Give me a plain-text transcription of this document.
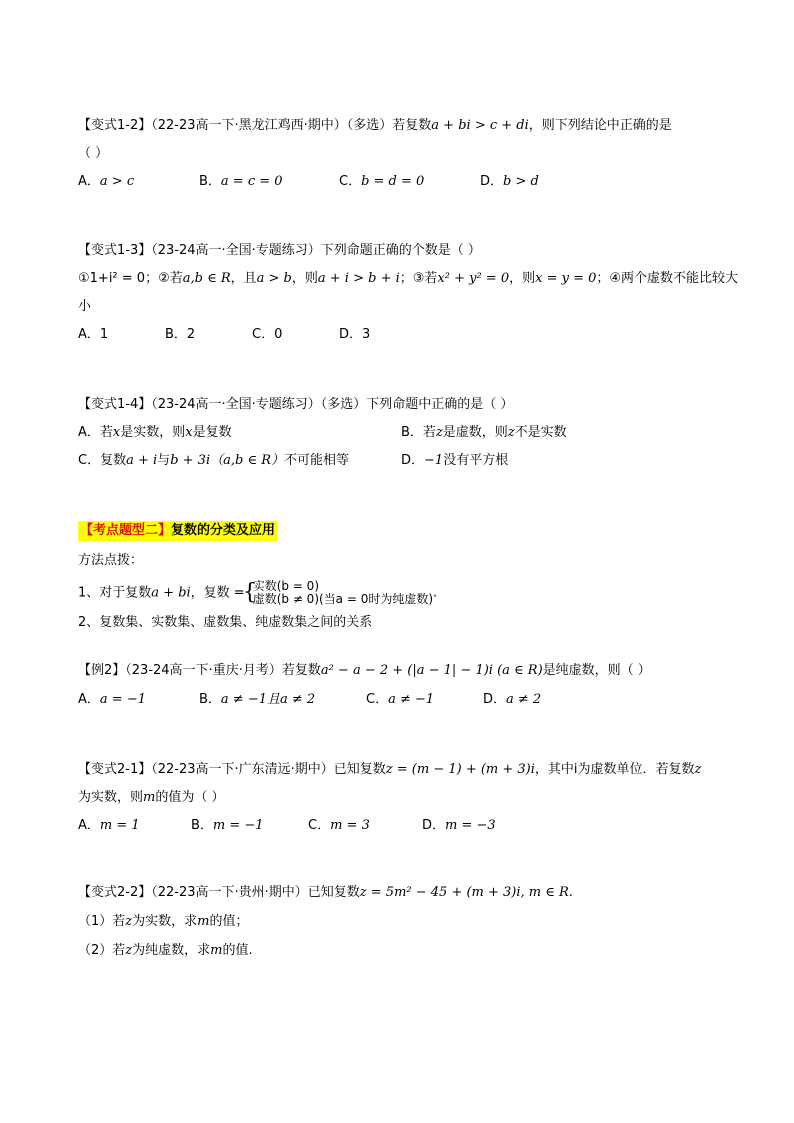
【变式1-2】（22-23高一下·黑龙江鸡西·期中）（多选）若复数a + bi > c + di，则下列结论中正确的是
（ ）
A．a > c	B．a = c = 0	C．b = d = 0	D．b > d
【变式1-3】（23-24高一·全国·专题练习）下列命题正确的个数是（ ）
①1+i² = 0；②若a,b ∈ R，且a > b，则a + i > b + i；③若x² + y² = 0，则x = y = 0；④两个虚数不能比较大
小
A．1	B．2	C．0	D．3
【变式1-4】（23-24高一·全国·专题练习）（多选）下列命题中正确的是（ ）
A．若x是实数，则x是复数	B．若z是虚数，则z不是实数
C．复数a + i与b + 3i（a,b ∈ R）不可能相等	D．−1没有平方根
【考点题型二】复数的分类及应用
方法点拨：
1、对于复数a + bi，复数 =
{
实数(b = 0)
虚数(b ≠ 0)(当a = 0时为纯虚数) .
2、复数集、实数集、虚数集、纯虚数集之间的关系
【例2】（23-24高一下·重庆·月考）若复数a² − a − 2 + (|a − 1| − 1)i (a ∈ R)是纯虚数，则（ ）
A．a = −1	B．a ≠ −1且a ≠ 2	C．a ≠ −1	D．a ≠ 2
【变式2-1】（22-23高一下·广东清远·期中）已知复数z = (m − 1) + (m + 3)i，其中i为虚数单位．若复数z
为实数，则m的值为（ ）
A．m = 1	B．m = −1	C．m = 3	D．m = −3
【变式2-2】（22-23高一下·贵州·期中）已知复数z = 5m² − 45 + (m + 3)i, m ∈ R.
（1）若z为实数，求m的值；
（2）若z为纯虚数，求m的值.
